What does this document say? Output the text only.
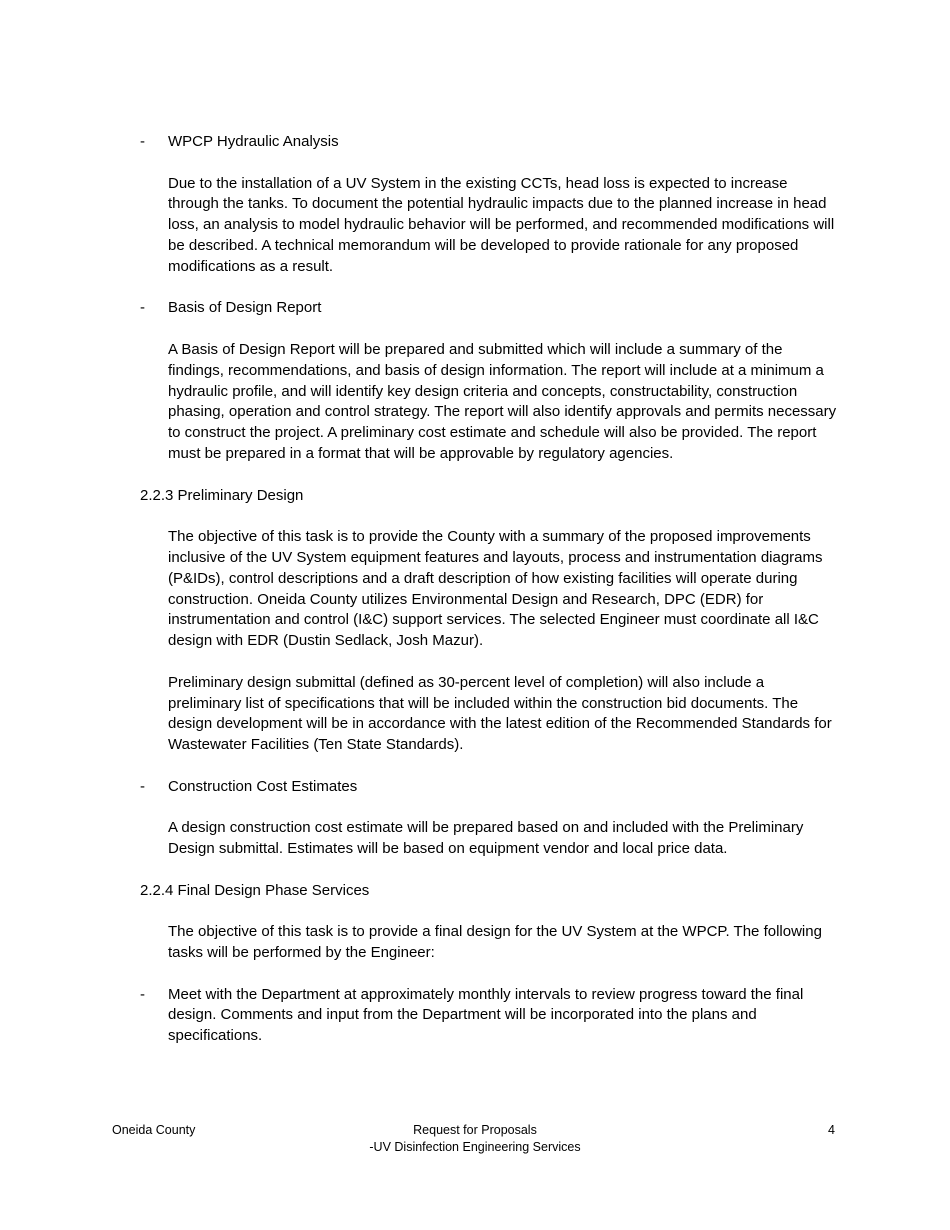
-	WPCP Hydraulic Analysis

Due to the installation of a UV System in the existing CCTs, head loss is expected to increase through the tanks. To document the potential hydraulic impacts due to the planned increase in head loss, an analysis to model hydraulic behavior will be performed, and recommended modifications will be described. A technical memorandum will be developed to provide rationale for any proposed modifications as a result.

-	Basis of Design Report

A Basis of Design Report will be prepared and submitted which will include a summary of the findings, recommendations, and basis of design information. The report will include at a minimum a hydraulic profile, and will identify key design criteria and concepts, constructability, construction phasing, operation and control strategy. The report will also identify approvals and permits necessary to construct the project. A preliminary cost estimate and schedule will also be provided. The report must be prepared in a format that will be approvable by regulatory agencies.

2.2.3 Preliminary Design

The objective of this task is to provide the County with a summary of the proposed improvements inclusive of the UV System equipment features and layouts, process and instrumentation diagrams (P&IDs), control descriptions and a draft description of how existing facilities will operate during construction. Oneida County utilizes Environmental Design and Research, DPC (EDR) for instrumentation and control (I&C) support services. The selected Engineer must coordinate all I&C design with EDR (Dustin Sedlack, Josh Mazur).

Preliminary design submittal (defined as 30-percent level of completion) will also include a preliminary list of specifications that will be included within the construction bid documents. The design development will be in accordance with the latest edition of the Recommended Standards for Wastewater Facilities (Ten State Standards).

-	Construction Cost Estimates

A design construction cost estimate will be prepared based on and included with the Preliminary Design submittal. Estimates will be based on equipment vendor and local price data.

2.2.4 Final Design Phase Services

The objective of this task is to provide a final design for the UV System at the WPCP. The following tasks will be performed by the Engineer:

-	Meet with the Department at approximately monthly intervals to review progress toward the final design. Comments and input from the Department will be incorporated into the plans and specifications.
Oneida County	Request for Proposals
-UV Disinfection Engineering Services
4
